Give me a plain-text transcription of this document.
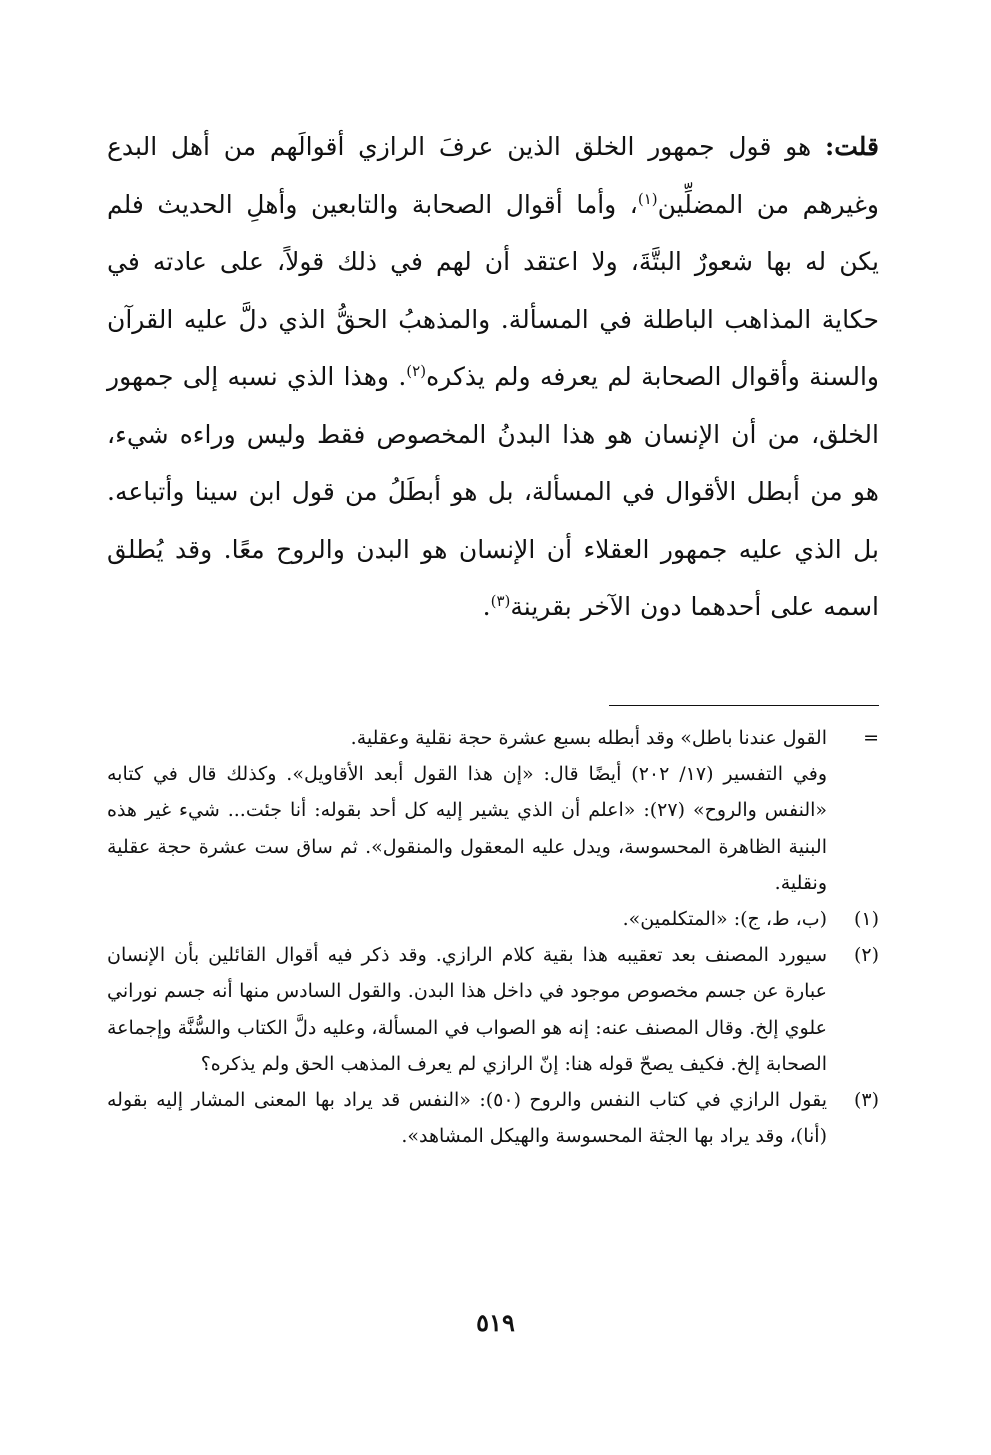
قلت: هو قول جمهور الخلق الذين عرفَ الرازي أقوالَهم من أهل البدع وغيرهم من المضلِّين$^{(١)}$، وأما أقوال الصحابة والتابعين وأهلِ الحديث فلم يكن له بها شعورٌ البتَّةَ، ولا اعتقد أن لهم في ذلك قولاً، على عادته في حكاية المذاهب الباطلة في المسألة. والمذهبُ الحقُّ الذي دلَّ عليه القرآن والسنة وأقوال الصحابة لم يعرفه ولم يذكره$^{(٢)}$. وهذا الذي نسبه إلى جمهور الخلق، من أن الإنسان هو هذا البدنُ المخصوص فقط وليس وراءه شيء، هو من أبطل الأقوال في المسألة، بل هو أبطَلُ من قول ابن سينا وأتباعه. بل الذي عليه جمهور العقلاء أن الإنسان هو البدن والروح معًا. وقد يُطلق اسمه على أحدهما دون الآخر بقرينة$^{(٣)}$.

=
القول عندنا باطل» وقد أبطله بسبع عشرة حجة نقلية وعقلية.
وفي التفسير (١٧/ ٢٠٢) أيضًا قال: «إن هذا القول أبعد الأقاويل». وكذلك قال في كتابه «النفس والروح» (٢٧): «اعلم أن الذي يشير إليه كل أحد بقوله: أنا جئت... شيء غير هذه البنية الظاهرة المحسوسة، ويدل عليه المعقول والمنقول». ثم ساق ست عشرة حجة عقلية ونقلية.
(١)
(ب، ط، ج): «المتكلمين».
(٢)
سيورد المصنف بعد تعقيبه هذا بقية كلام الرازي. وقد ذكر فيه أقوال القائلين بأن الإنسان عبارة عن جسم مخصوص موجود في داخل هذا البدن. والقول السادس منها أنه جسم نوراني علوي إلخ. وقال المصنف عنه: إنه هو الصواب في المسألة، وعليه دلَّ الكتاب والسُّنَّة وإجماعة الصحابة إلخ. فكيف يصحّ قوله هنا: إنّ الرازي لم يعرف المذهب الحق ولم يذكره؟
(٣)
يقول الرازي في كتاب النفس والروح (٥٠): «النفس قد يراد بها المعنى المشار إليه بقوله (أنا)، وقد يراد بها الجثة المحسوسة والهيكل المشاهد».
٥١٩
